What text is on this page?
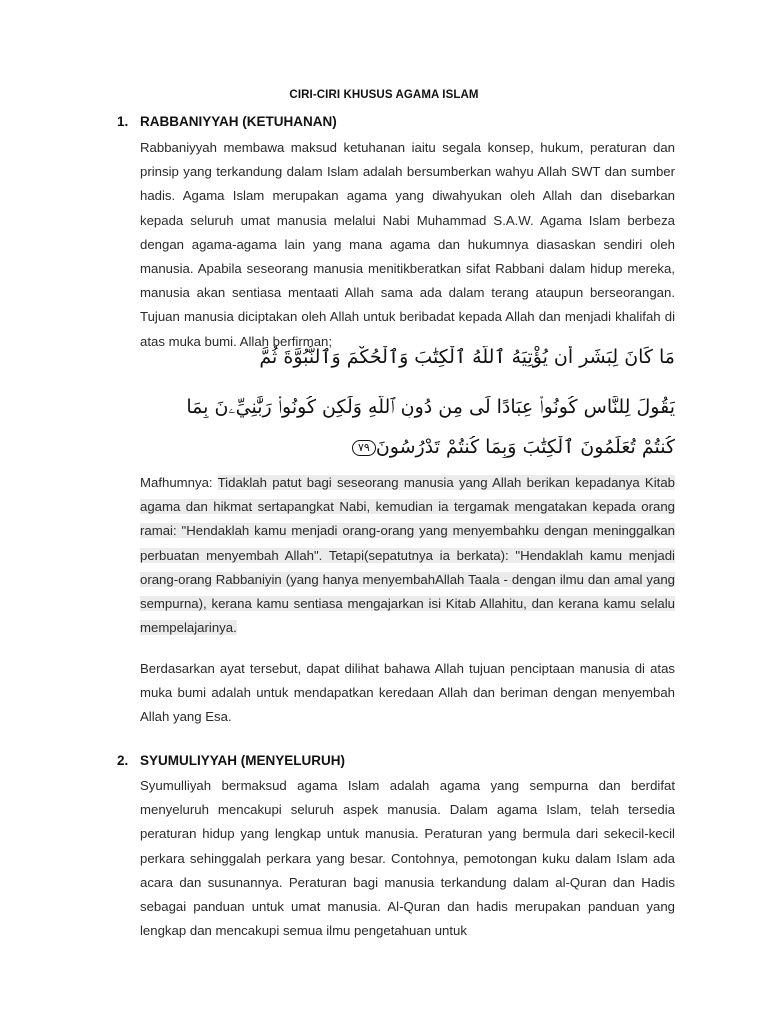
CIRI-CIRI KHUSUS AGAMA ISLAM
1. RABBANIYYAH (KETUHANAN)
Rabbaniyyah membawa maksud ketuhanan iaitu segala konsep, hukum, peraturan dan prinsip yang terkandung dalam Islam adalah bersumberkan wahyu Allah SWT dan sumber hadis. Agama Islam merupakan agama yang diwahyukan oleh Allah dan disebarkan kepada seluruh umat manusia melalui Nabi Muhammad S.A.W. Agama Islam berbeza dengan agama-agama lain yang mana agama dan hukumnya diasaskan sendiri oleh manusia. Apabila seseorang manusia menitikberatkan sifat Rabbani dalam hidup mereka, manusia akan sentiasa mentaati Allah sama ada dalam terang ataupun berseorangan. Tujuan manusia diciptakan oleh Allah untuk beribadat kepada Allah dan menjadi khalifah di atas muka bumi. Allah berfirman;
مَا كَانَ لِبَشَرٍ أَن يُؤْتِيَهُ ٱللَّهُ ٱلْكِتَٰبَ وَٱلْحُكْمَ وَٱلنُّبُوَّةَ ثُمَّ
يَقُولَ لِلنَّاسِ كُونُوا۟ عِبَادًا لِّى مِن دُونِ ٱللَّهِ وَلَٰكِن كُونُوا۟ رَبَّٰنِيِّۦنَ بِمَا
كُنتُمْ تُعَلِّمُونَ ٱلْكِتَٰبَ وَبِمَا كُنتُمْ تَدْرُسُونَ٧٩
Mafhumnya: Tidaklah patut bagi seseorang manusia yang Allah berikan kepadanya Kitab agama dan hikmat sertapangkat Nabi, kemudian ia tergamak mengatakan kepada orang ramai: "Hendaklah kamu menjadi orang-orang yang menyembahku dengan meninggalkan perbuatan menyembah Allah". Tetapi(sepatutnya ia berkata): "Hendaklah kamu menjadi orang-orang Rabbaniyin (yang hanya menyembahAllah Taala - dengan ilmu dan amal yang sempurna), kerana kamu sentiasa mengajarkan isi Kitab Allahitu, dan kerana kamu selalu mempelajarinya.
Berdasarkan ayat tersebut, dapat dilihat bahawa Allah tujuan penciptaan manusia di atas muka bumi adalah untuk mendapatkan keredaan Allah dan beriman dengan menyembah Allah yang Esa.
2. SYUMULIYYAH (MENYELURUH)
Syumulliyah bermaksud agama Islam adalah agama yang sempurna dan berdifat menyeluruh mencakupi seluruh aspek manusia. Dalam agama Islam, telah tersedia peraturan hidup yang lengkap untuk manusia. Peraturan yang bermula dari sekecil-kecil perkara sehinggalah perkara yang besar. Contohnya, pemotongan kuku dalam Islam ada acara dan susunannya. Peraturan bagi manusia terkandung dalam al-Quran dan Hadis sebagai panduan untuk umat manusia. Al-Quran dan hadis merupakan panduan yang lengkap dan mencakupi semua ilmu pengetahuan untuk
